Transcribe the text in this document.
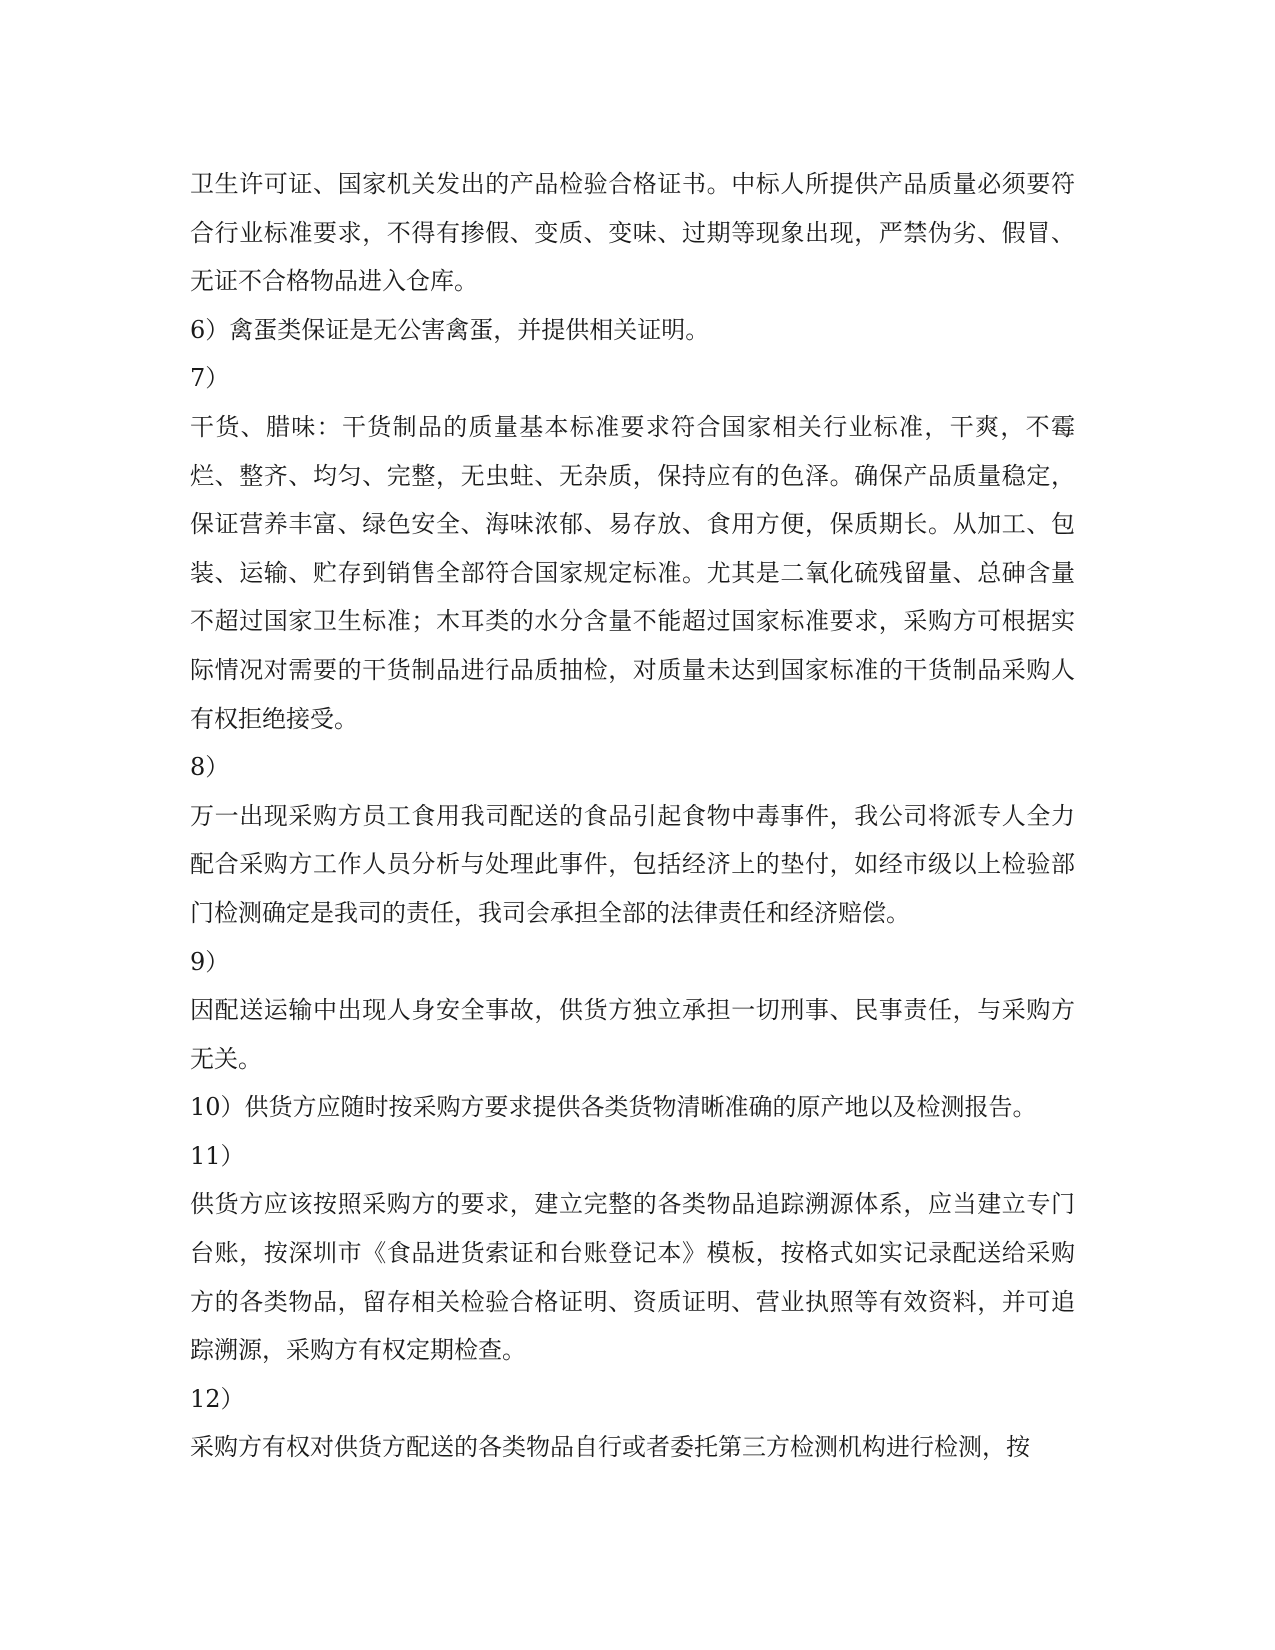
卫生许可证、国家机关发出的产品检验合格证书。中标人所提供产品质量必须要符合行业标准要求，不得有掺假、变质、变味、过期等现象出现，严禁伪劣、假冒、无证不合格物品进入仓库。

6）禽蛋类保证是无公害禽蛋，并提供相关证明。

7）

干货、腊味：干货制品的质量基本标准要求符合国家相关行业标准，干爽，不霉烂、整齐、均匀、完整，无虫蛀、无杂质，保持应有的色泽。确保产品质量稳定，保证营养丰富、绿色安全、海味浓郁、易存放、食用方便，保质期长。从加工、包装、运输、贮存到销售全部符合国家规定标准。尤其是二氧化硫残留量、总砷含量不超过国家卫生标准；木耳类的水分含量不能超过国家标准要求，采购方可根据实际情况对需要的干货制品进行品质抽检，对质量未达到国家标准的干货制品采购人有权拒绝接受。

8）

万一出现采购方员工食用我司配送的食品引起食物中毒事件，我公司将派专人全力配合采购方工作人员分析与处理此事件，包括经济上的垫付，如经市级以上检验部门检测确定是我司的责任，我司会承担全部的法律责任和经济赔偿。

9）

因配送运输中出现人身安全事故，供货方独立承担一切刑事、民事责任，与采购方无关。

10）供货方应随时按采购方要求提供各类货物清晰准确的原产地以及检测报告。

11）

供货方应该按照采购方的要求，建立完整的各类物品追踪溯源体系，应当建立专门台账，按深圳市《食品进货索证和台账登记本》模板，按格式如实记录配送给采购方的各类物品，留存相关检验合格证明、资质证明、营业执照等有效资料，并可追踪溯源，采购方有权定期检查。

12）

采购方有权对供货方配送的各类物品自行或者委托第三方检测机构进行检测，按
